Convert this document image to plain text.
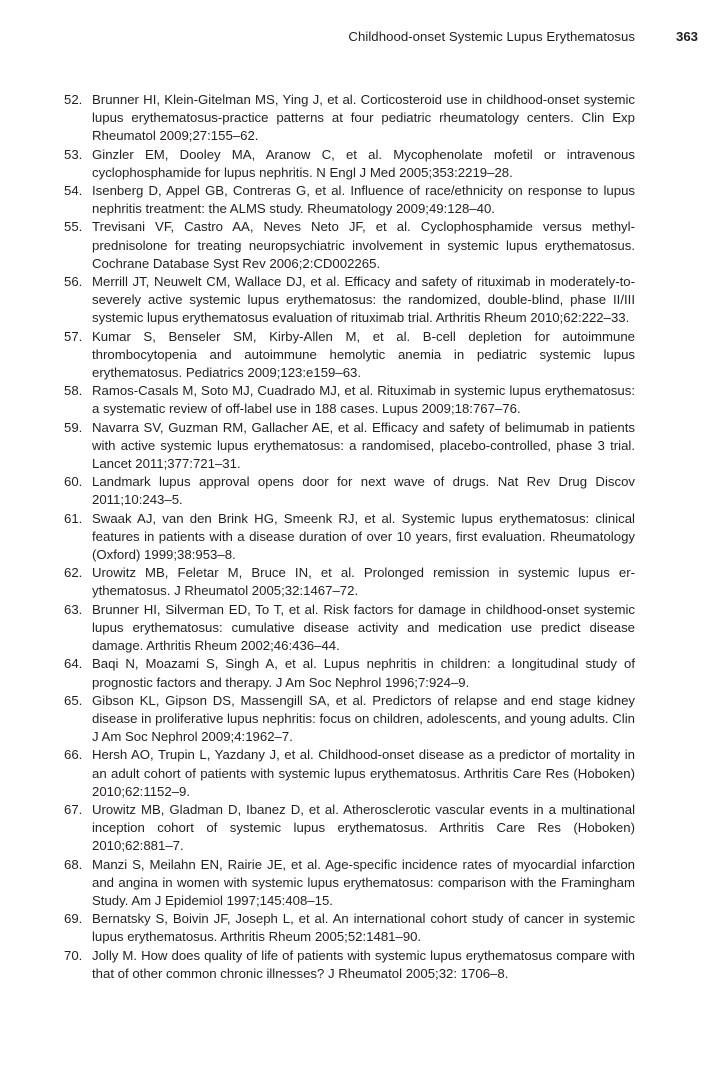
Childhood-onset Systemic Lupus Erythematosus	363
52. Brunner HI, Klein-Gitelman MS, Ying J, et al. Corticosteroid use in childhood-onset systemic lupus erythematosus-practice patterns at four pediatric rheumatology centers. Clin Exp Rheumatol 2009;27:155–62.
53. Ginzler EM, Dooley MA, Aranow C, et al. Mycophenolate mofetil or intravenous cyclophosphamide for lupus nephritis. N Engl J Med 2005;353:2219–28.
54. Isenberg D, Appel GB, Contreras G, et al. Influence of race/ethnicity on response to lupus nephritis treatment: the ALMS study. Rheumatology 2009;49:128–40.
55. Trevisani VF, Castro AA, Neves Neto JF, et al. Cyclophosphamide versus methylprednisolone for treating neuropsychiatric involvement in systemic lupus erythematosus. Cochrane Database Syst Rev 2006;2:CD002265.
56. Merrill JT, Neuwelt CM, Wallace DJ, et al. Efficacy and safety of rituximab in moderately-to-severely active systemic lupus erythematosus: the randomized, double-blind, phase II/III systemic lupus erythematosus evaluation of rituximab trial. Arthritis Rheum 2010;62:222–33.
57. Kumar S, Benseler SM, Kirby-Allen M, et al. B-cell depletion for autoimmune thrombocytopenia and autoimmune hemolytic anemia in pediatric systemic lupus erythematosus. Pediatrics 2009;123:e159–63.
58. Ramos-Casals M, Soto MJ, Cuadrado MJ, et al. Rituximab in systemic lupus erythematosus: a systematic review of off-label use in 188 cases. Lupus 2009;18:767–76.
59. Navarra SV, Guzman RM, Gallacher AE, et al. Efficacy and safety of belimumab in patients with active systemic lupus erythematosus: a randomised, placebo-controlled, phase 3 trial. Lancet 2011;377:721–31.
60. Landmark lupus approval opens door for next wave of drugs. Nat Rev Drug Discov 2011;10:243–5.
61. Swaak AJ, van den Brink HG, Smeenk RJ, et al. Systemic lupus erythematosus: clinical features in patients with a disease duration of over 10 years, first evaluation. Rheumatology (Oxford) 1999;38:953–8.
62. Urowitz MB, Feletar M, Bruce IN, et al. Prolonged remission in systemic lupus erythematosus. J Rheumatol 2005;32:1467–72.
63. Brunner HI, Silverman ED, To T, et al. Risk factors for damage in childhood-onset systemic lupus erythematosus: cumulative disease activity and medication use predict disease damage. Arthritis Rheum 2002;46:436–44.
64. Baqi N, Moazami S, Singh A, et al. Lupus nephritis in children: a longitudinal study of prognostic factors and therapy. J Am Soc Nephrol 1996;7:924–9.
65. Gibson KL, Gipson DS, Massengill SA, et al. Predictors of relapse and end stage kidney disease in proliferative lupus nephritis: focus on children, adolescents, and young adults. Clin J Am Soc Nephrol 2009;4:1962–7.
66. Hersh AO, Trupin L, Yazdany J, et al. Childhood-onset disease as a predictor of mortality in an adult cohort of patients with systemic lupus erythematosus. Arthritis Care Res (Hoboken) 2010;62:1152–9.
67. Urowitz MB, Gladman D, Ibanez D, et al. Atherosclerotic vascular events in a multinational inception cohort of systemic lupus erythematosus. Arthritis Care Res (Hoboken) 2010;62:881–7.
68. Manzi S, Meilahn EN, Rairie JE, et al. Age-specific incidence rates of myocardial infarction and angina in women with systemic lupus erythematosus: comparison with the Framingham Study. Am J Epidemiol 1997;145:408–15.
69. Bernatsky S, Boivin JF, Joseph L, et al. An international cohort study of cancer in systemic lupus erythematosus. Arthritis Rheum 2005;52:1481–90.
70. Jolly M. How does quality of life of patients with systemic lupus erythematosus compare with that of other common chronic illnesses? J Rheumatol 2005;32: 1706–8.
